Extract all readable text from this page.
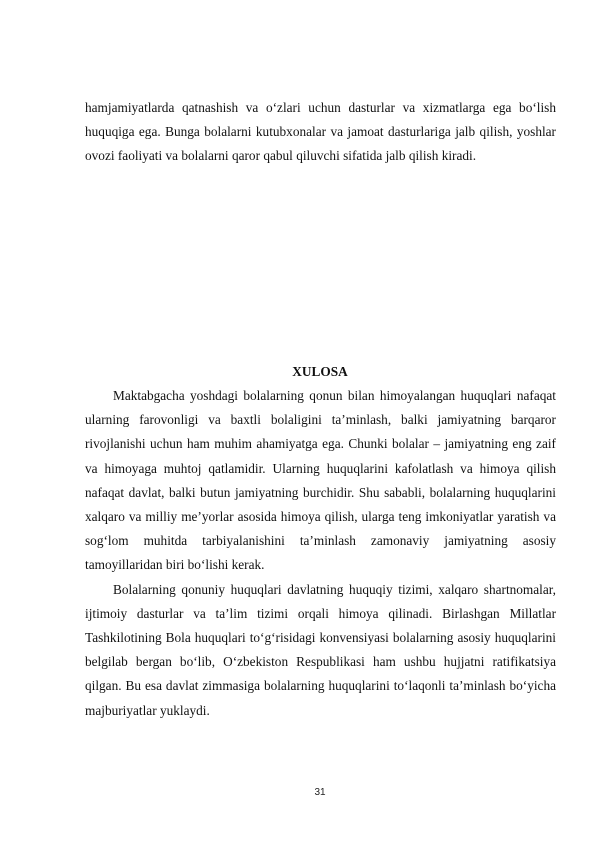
hamjamiyatlarda qatnashish va o‘zlari uchun dasturlar va xizmatlarga ega bo‘lish huquqiga ega. Bunga bolalarni kutubxonalar va jamoat dasturlariga jalb qilish, yoshlar ovozi faoliyati va bolalarni qaror qabul qiluvchi sifatida jalb qilish kiradi.

XULOSA

Maktabgacha yoshdagi bolalarning qonun bilan himoyalangan huquqlari nafaqat ularning farovonligi va baxtli bolaligini ta’minlash, balki jamiyatning barqaror rivojlanishi uchun ham muhim ahamiyatga ega. Chunki bolalar – jamiyatning eng zaif va himoyaga muhtoj qatlamidir. Ularning huquqlarini kafolatlash va himoya qilish nafaqat davlat, balki butun jamiyatning burchidir. Shu sababli, bolalarning huquqlarini xalqaro va milliy me’yorlar asosida himoya qilish, ularga teng imkoniyatlar yaratish va sog‘lom muhitda tarbiyalanishini ta’minlash zamonaviy jamiyatning asosiy tamoyillaridan biri bo‘lishi kerak.

Bolalarning qonuniy huquqlari davlatning huquqiy tizimi, xalqaro shartnomalar, ijtimoiy dasturlar va ta’lim tizimi orqali himoya qilinadi. Birlashgan Millatlar Tashkilotining Bola huquqlari to‘g‘risidagi konvensiyasi bolalarning asosiy huquqlarini belgilab bergan bo‘lib, O‘zbekiston Respublikasi ham ushbu hujjatni ratifikatsiya qilgan. Bu esa davlat zimmasiga bolalarning huquqlarini to‘laqonli ta’minlash bo‘yicha majburiyatlar yuklaydi.

31
